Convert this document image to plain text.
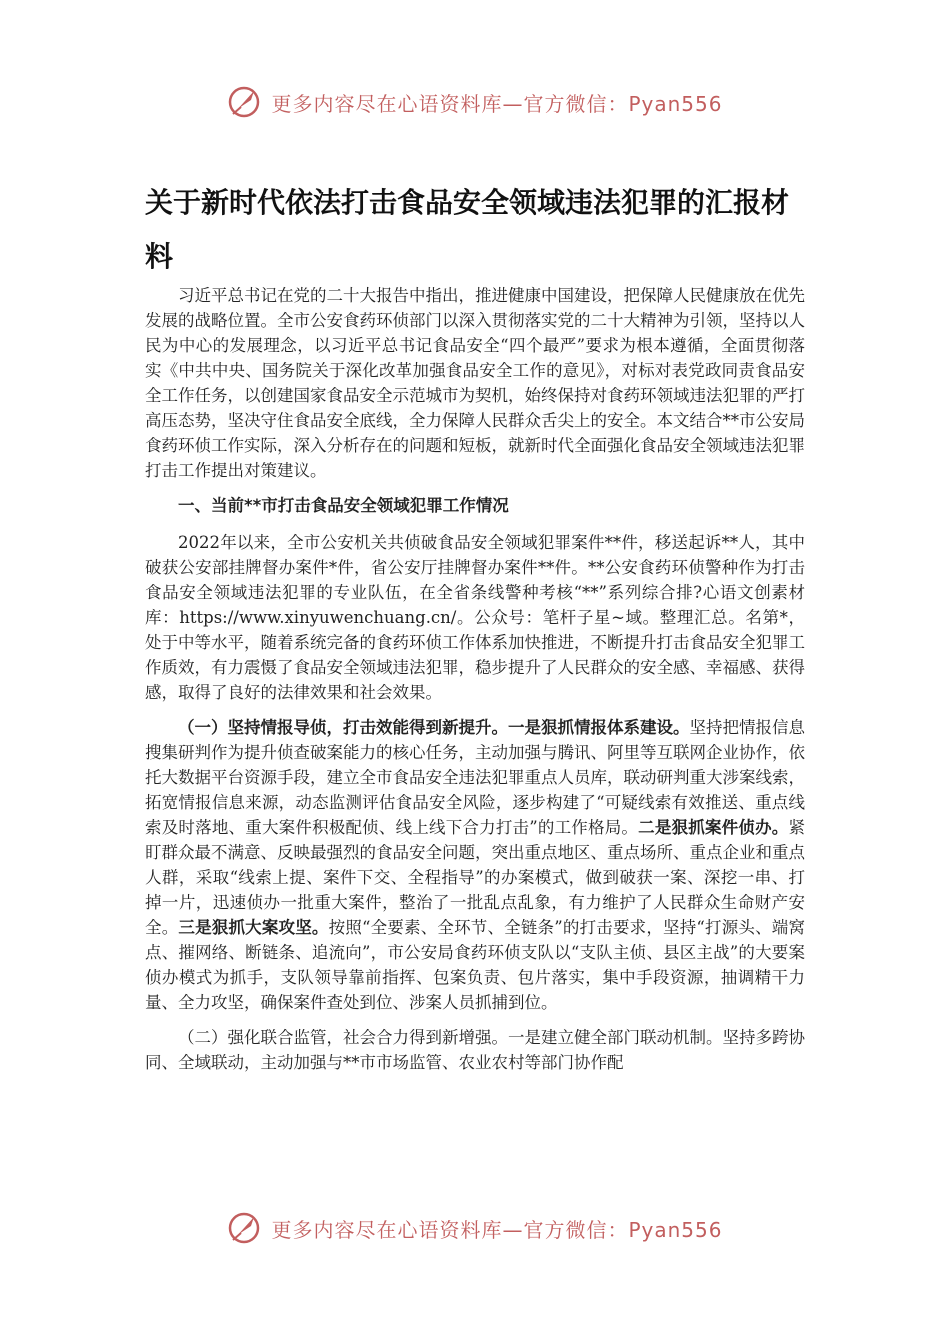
更多内容尽在心语资料库—官方微信：Pyan556
关于新时代依法打击食品安全领域违法犯罪的汇报材料

习近平总书记在党的二十大报告中指出，推进健康中国建设，把保障人民健康放在优先发展的战略位置。全市公安食药环侦部门以深入贯彻落实党的二十大精神为引领，坚持以人民为中心的发展理念，以习近平总书记食品安全“四个最严”要求为根本遵循，全面贯彻落实《中共中央、国务院关于深化改革加强食品安全工作的意见》，对标对表党政同责食品安全工作任务，以创建国家食品安全示范城市为契机，始终保持对食药环领域违法犯罪的严打高压态势，坚决守住食品安全底线，全力保障人民群众舌尖上的安全。本文结合**市公安局食药环侦工作实际，深入分析存在的问题和短板，就新时代全面强化食品安全领域违法犯罪打击工作提出对策建议。

一、当前**市打击食品安全领域犯罪工作情况

2022年以来，全市公安机关共侦破食品安全领域犯罪案件**件，移送起诉**人，其中破获公安部挂牌督办案件*件，省公安厅挂牌督办案件**件。**公安食药环侦警种作为打击食品安全领域违法犯罪的专业队伍，在全省条线警种考核“**”系列综合排?心语文创素材库：https://www.xinyuwenchuang.cn/。公众号：笔杆子星~域。整理汇总。名第*，处于中等水平，随着系统完备的食药环侦工作体系加快推进，不断提升打击食品安全犯罪工作质效，有力震慑了食品安全领域违法犯罪，稳步提升了人民群众的安全感、幸福感、获得感，取得了良好的法律效果和社会效果。

（一）坚持情报导侦，打击效能得到新提升。一是狠抓情报体系建设。坚持把情报信息搜集研判作为提升侦查破案能力的核心任务，主动加强与腾讯、阿里等互联网企业协作，依托大数据平台资源手段，建立全市食品安全违法犯罪重点人员库，联动研判重大涉案线索，拓宽情报信息来源，动态监测评估食品安全风险，逐步构建了“可疑线索有效推送、重点线索及时落地、重大案件积极配侦、线上线下合力打击”的工作格局。二是狠抓案件侦办。紧盯群众最不满意、反映最强烈的食品安全问题，突出重点地区、重点场所、重点企业和重点人群，采取“线索上提、案件下交、全程指导”的办案模式，做到破获一案、深挖一串、打掉一片，迅速侦办一批重大案件，整治了一批乱点乱象，有力维护了人民群众生命财产安全。三是狠抓大案攻坚。按照“全要素、全环节、全链条”的打击要求，坚持“打源头、端窝点、摧网络、断链条、追流向”，市公安局食药环侦支队以“支队主侦、县区主战”的大要案侦办模式为抓手，支队领导靠前指挥、包案负责、包片落实，集中手段资源，抽调精干力量、全力攻坚，确保案件查处到位、涉案人员抓捕到位。

（二）强化联合监管，社会合力得到新增强。一是建立健全部门联动机制。坚持多跨协同、全域联动，主动加强与**市市场监管、农业农村等部门协作配

更多内容尽在心语资料库—官方微信：Pyan556
